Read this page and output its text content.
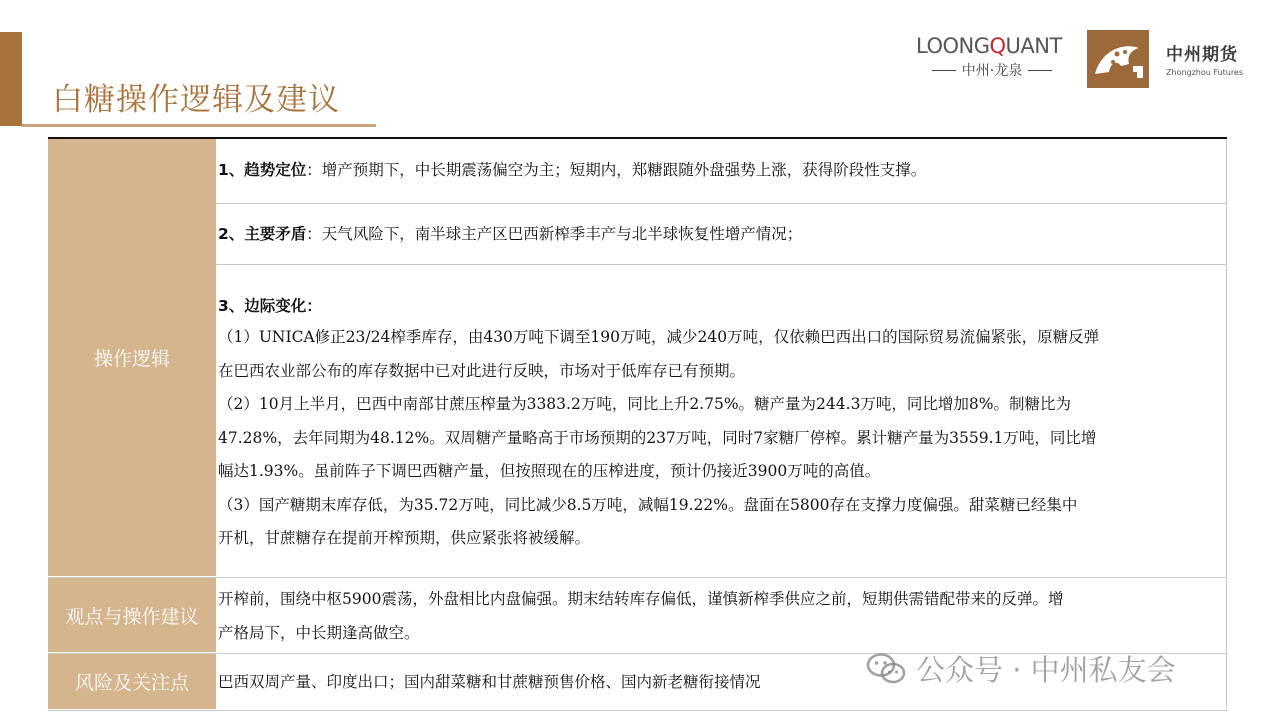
白糖操作逻辑及建议
LOONGQUANT
中州·龙泉
中州期货
Zhongzhou Futures
操作逻辑
1、趋势定位：增产预期下，中长期震荡偏空为主；短期内，郑糖跟随外盘强势上涨，获得阶段性支撑。
2、主要矛盾：天气风险下，南半球主产区巴西新榨季丰产与北半球恢复性增产情况；
3、边际变化：
（1）UNICA修正23/24榨季库存，由430万吨下调至190万吨，减少240万吨，仅依赖巴西出口的国际贸易流偏紧张，原糖反弹
在巴西农业部公布的库存数据中已对此进行反映，市场对于低库存已有预期。
（2）10月上半月，巴西中南部甘蔗压榨量为3383.2万吨，同比上升2.75%。糖产量为244.3万吨，同比增加8%。制糖比为
47.28%，去年同期为48.12%。双周糖产量略高于市场预期的237万吨，同时7家糖厂停榨。累计糖产量为3559.1万吨，同比增
幅达1.93%。虽前阵子下调巴西糖产量，但按照现在的压榨进度，预计仍接近3900万吨的高值。
（3）国产糖期末库存低，为35.72万吨，同比减少8.5万吨，减幅19.22%。盘面在5800存在支撑力度偏强。甜菜糖已经集中
开机，甘蔗糖存在提前开榨预期，供应紧张将被缓解。
观点与操作建议
开榨前，围绕中枢5900震荡，外盘相比内盘偏强。期末结转库存偏低，谨慎新榨季供应之前，短期供需错配带来的反弹。增
产格局下，中长期逢高做空。
风险及关注点	巴西双周产量、印度出口；国内甜菜糖和甘蔗糖预售价格、国内新老糖衔接情况	公众号 · 中州私友会
